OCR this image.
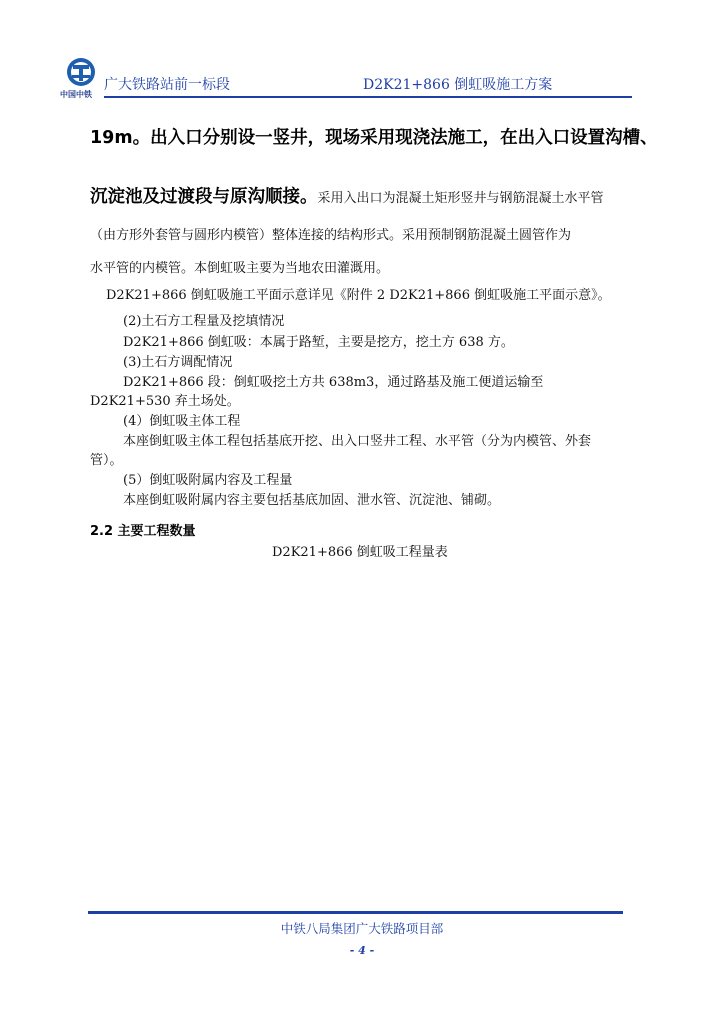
中国中铁
广大铁路站前一标段	D2K21+866 倒虹吸施工方案
19m。出入口分别设一竖井，现场采用现浇法施工，在出入口设置沟槽、
沉淀池及过渡段与原沟顺接。采用入出口为混凝土矩形竖井与钢筋混凝土水平管
（由方形外套管与圆形内模管）整体连接的结构形式。采用预制钢筋混凝土圆管作为
水平管的内模管。本倒虹吸主要为当地农田灌溉用。
D2K21+866 倒虹吸施工平面示意详见《附件 2 D2K21+866 倒虹吸施工平面示意》。
(2)土石方工程量及挖填情况
D2K21+866 倒虹吸：本属于路堑，主要是挖方，挖土方 638 方。
(3)土石方调配情况
D2K21+866 段：倒虹吸挖土方共 638m3，通过路基及施工便道运输至
D2K21+530 弃土场处。
(4）倒虹吸主体工程
本座倒虹吸主体工程包括基底开挖、出入口竖井工程、水平管（分为内模管、外套
管）。
(5）倒虹吸附属内容及工程量
本座倒虹吸附属内容主要包括基底加固、泄水管、沉淀池、铺砌。
2.2 主要工程数量
D2K21+866 倒虹吸工程量表
中铁八局集团广大铁路项目部
- 4 -
